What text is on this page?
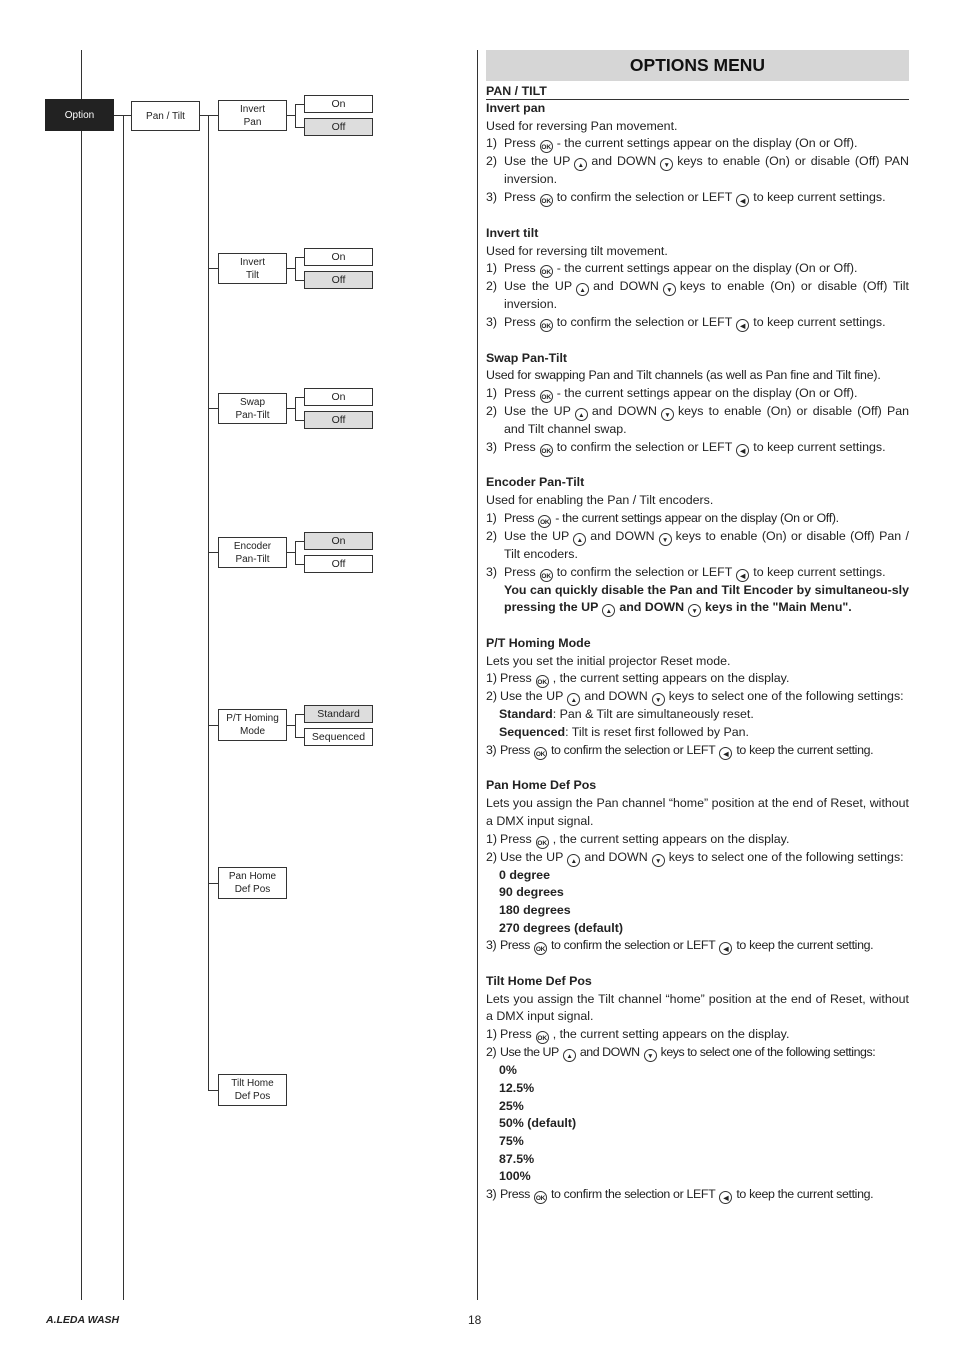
Option	Pan / Tilt
Invert
Pan
On
Off
Invert
Tilt
On
Off
Swap
Pan-Tilt
On
Off
Encoder
Pan-Tilt
On
Off
P/T Homing
Mode
Standard
Sequenced
Pan Home
Def Pos
Tilt Home
Def Pos
OPTIONS MENU
PAN / TILT
Invert pan

Used for reversing Pan movement.

1) Press OK - the current settings appear on the display (On or Off).
2) Use the UP ▲ and DOWN ▼ keys to enable (On) or disable (Off) PAN inversion.
3) Press OK to confirm the selection or LEFT ◀ to keep current settings.
Invert tilt

Used for reversing tilt movement.

1) Press OK - the current settings appear on the display (On or Off).
2) Use the UP ▲ and DOWN ▼ keys to enable (On) or disable (Off) Tilt inversion.
3) Press OK to confirm the selection or LEFT ◀ to keep current settings.
Swap Pan-Tilt

Used for swapping Pan and Tilt channels (as well as Pan fine and Tilt fine).

1) Press OK - the current settings appear on the display (On or Off).
2) Use the UP ▲ and DOWN ▼ keys to enable (On) or disable (Off) Pan and Tilt channel swap.
3) Press OK to confirm the selection or LEFT ◀ to keep current settings.
Encoder Pan-Tilt

Used for enabling the Pan / Tilt encoders.

1) Press OK - the current settings appear on the display (On or Off).
2) Use the UP ▲ and DOWN ▼ keys to enable (On) or disable (Off) Pan / Tilt encoders.
3) Press OK to confirm the selection or LEFT ◀ to keep current settings.
You can quickly disable the Pan and Tilt Encoder by simultaneou-sly pressing the UP ▲ and DOWN ▼ keys in the "Main Menu".
P/T Homing Mode

Lets you set the initial projector Reset mode.

1) Press OK , the current setting appears on the display.
2) Use the UP ▲ and DOWN ▼ keys to select one of the following settings:
Standard: Pan & Tilt are simultaneously reset.
Sequenced: Tilt is reset first followed by Pan.
3) Press OK to confirm the selection or LEFT ◀ to keep the current setting.
Pan Home Def Pos

Lets you assign the Pan channel “home” position at the end of Reset, without a DMX input signal.

1) Press OK , the current setting appears on the display.
2) Use the UP ▲ and DOWN ▼ keys to select one of the following settings:
0 degree
90 degrees
180 degrees
270 degrees (default)
3) Press OK to confirm the selection or LEFT ◀ to keep the current setting.
Tilt Home Def Pos

Lets you assign the Tilt channel “home” position at the end of Reset, without a DMX input signal.

1) Press OK , the current setting appears on the display.
2) Use the UP ▲ and DOWN ▼ keys to select one of the following settings:
0%
12.5%
25%
50% (default)
75%
87.5%
100%
3) Press OK to confirm the selection or LEFT ◀ to keep the current setting.
A.LEDA WASH	18
